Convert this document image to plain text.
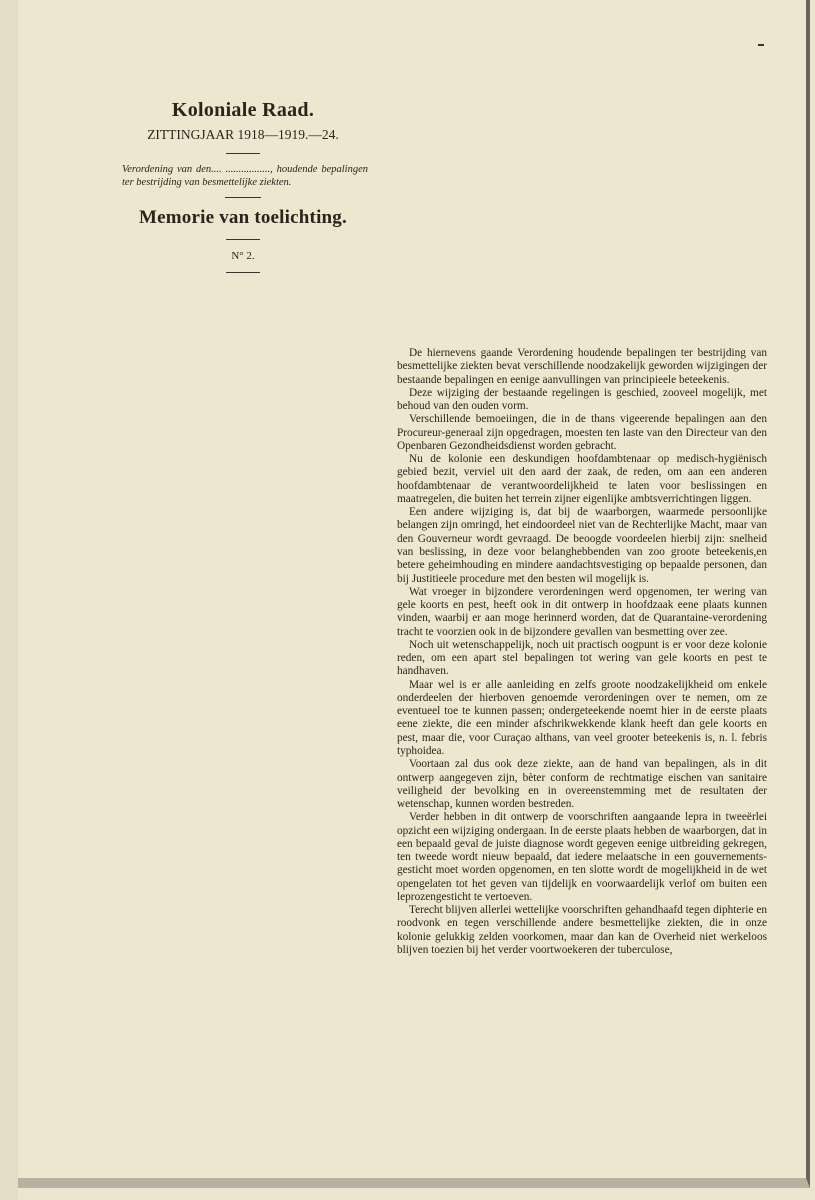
Koloniale Raad.

ZITTINGJAAR 1918—1919.—24.

Verordening van den.... ................., houdende bepalingen ter bestrijding van besmettelijke ziekten.

Memorie van toelichting.

N° 2.

De hiernevens gaande Verordening houdende bepalingen ter bestrijding van besmettelijke ziekten bevat verschillende noodzakelijk geworden wijzigingen der bestaande bepalingen en eenige aanvullingen van principieele beteekenis.

Deze wijziging der bestaande regelingen is geschied, zooveel mogelijk, met behoud van den ouden vorm.

Verschillende bemoeiingen, die in de thans vigeerende bepalingen aan den Procureur-generaal zijn opgedragen, moesten ten laste van den Directeur van den Openbaren Gezondheidsdienst worden gebracht.

Nu de kolonie een deskundigen hoofdambtenaar op medisch-hygiënisch gebied bezit, verviel uit den aard der zaak, de reden, om aan een anderen hoofdambtenaar de verantwoordelijkheid te laten voor beslissingen en maatregelen, die buiten het terrein zijner eigenlijke ambtsverrichtingen liggen.

Een andere wijziging is, dat bij de waarborgen, waarmede persoonlijke belangen zijn omringd, het eindoordeel niet van de Rechterlijke Macht, maar van den Gouverneur wordt gevraagd. De beoogde voordeelen hierbij zijn: snelheid van beslissing, in deze voor belanghebbenden van zoo groote beteekenis,en betere geheimhouding en mindere aandachtsvestiging op bepaalde personen, dan bij Justitieele procedure met den besten wil mogelijk is.

Wat vroeger in bijzondere verordeningen werd opgenomen, ter wering van gele koorts en pest, heeft ook in dit ontwerp in hoofdzaak eene plaats kunnen vinden, waarbij er aan moge herinnerd worden, dat de Quarantaine-verordening tracht te voorzien ook in de bijzondere gevallen van besmetting over zee.

Noch uit wetenschappelijk, noch uit practisch oogpunt is er voor deze kolonie reden, om een apart stel bepalingen tot wering van gele koorts en pest te handhaven.

Maar wel is er alle aanleiding en zelfs groote noodzakelijkheid om enkele onderdeelen der hierboven genoemde verordeningen over te nemen, om ze eventueel toe te kunnen passen; ondergeteekende noemt hier in de eerste plaats eene ziekte, die een minder afschrikwekkende klank heeft dan gele koorts en pest, maar die, voor Curaçao althans, van veel grooter beteekenis is, n. l. febris typhoidea.

Voortaan zal dus ook deze ziekte, aan de hand van bepalingen, als in dit ontwerp aangegeven zijn, bèter conform de rechtmatige eischen van sanitaire veiligheid der bevolking en in overeenstemming met de resultaten der wetenschap, kunnen worden bestreden.

Verder hebben in dit ontwerp de voorschriften aangaande lepra in tweeërlei opzicht een wijziging ondergaan. In de eerste plaats hebben de waarborgen, dat in een bepaald geval de juiste diagnose wordt gegeven eenige uitbreiding gekregen, ten tweede wordt nieuw bepaald, dat iedere melaatsche in een gouvernements-gesticht moet worden opgenomen, en ten slotte wordt de mogelijkheid in de wet opengelaten tot het geven van tijdelijk en voorwaardelijk verlof om buiten een leprozengesticht te vertoeven.

Terecht blijven allerlei wettelijke voorschriften gehandhaafd tegen diphterie en roodvonk en tegen verschillende andere besmettelijke ziekten, die in onze kolonie gelukkig zelden voorkomen, maar dan kan de Overheid niet werkeloos blijven toezien bij het verder voortwoekeren der tuberculose,
